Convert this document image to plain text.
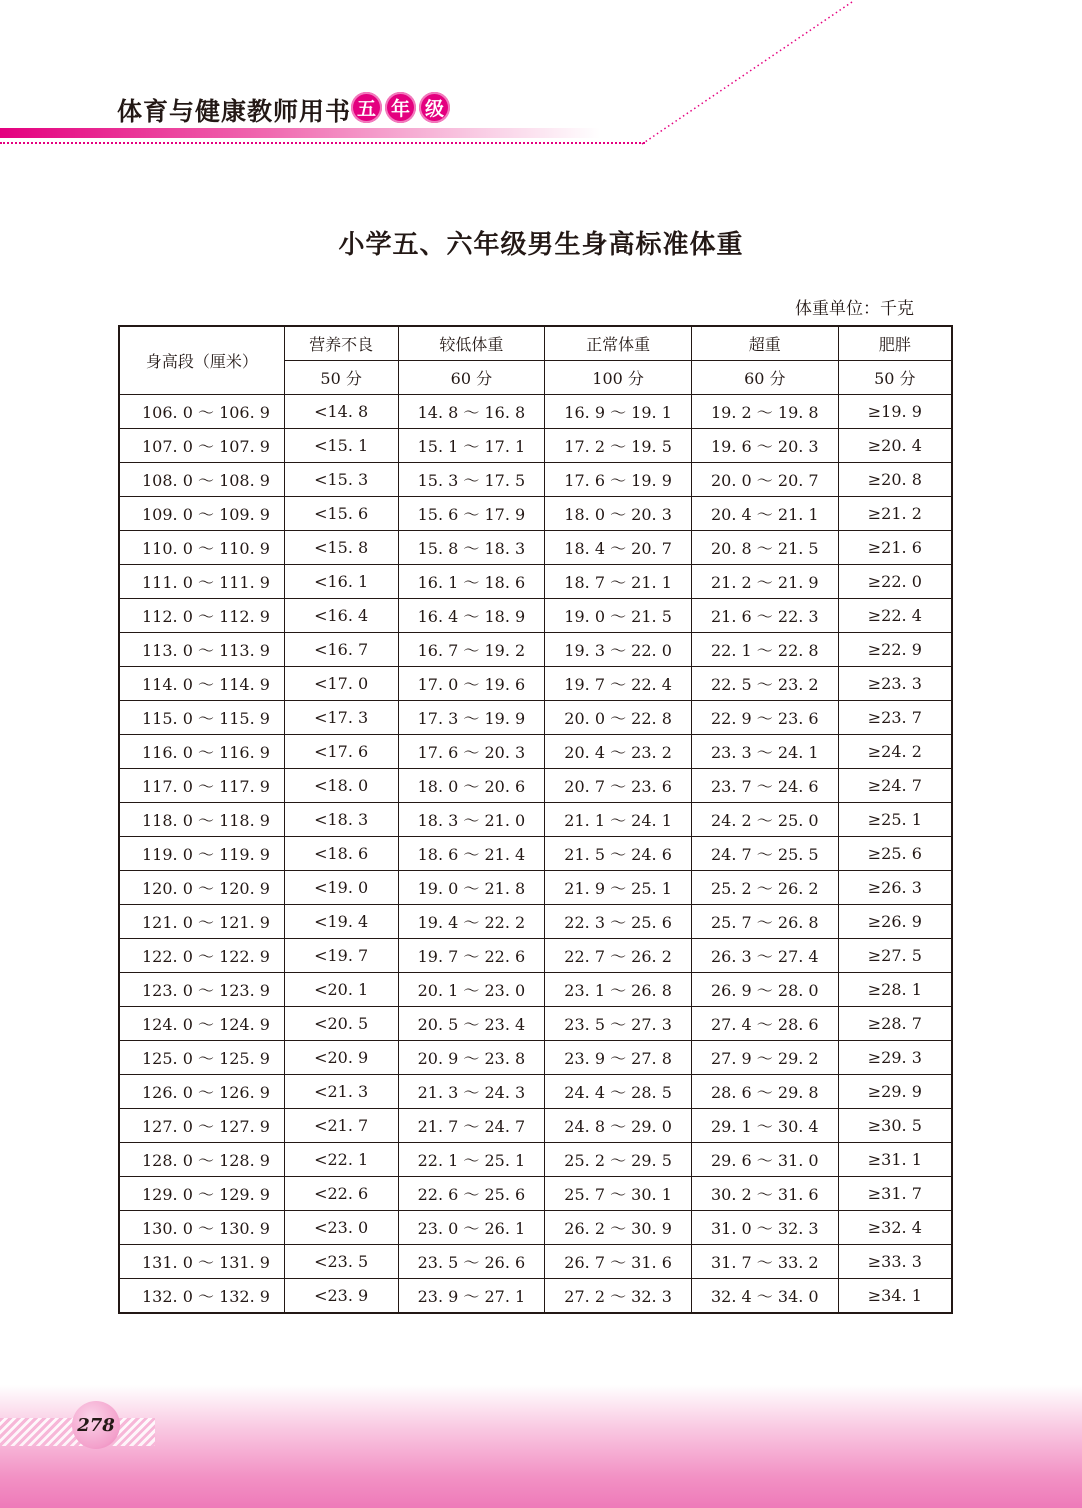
体育与健康教师用书 五 年 级
小学五、六年级男生身高标准体重
体重单位：千克
身高段（厘米）	营养不良	较低体重	正常体重	超重	肥胖
	50 分	60 分	100 分	60 分	50 分
106. 0 ～ 106. 9	<14. 8	14. 8 ～ 16. 8	16. 9 ～ 19. 1	19. 2 ～ 19. 8	≥19. 9
107. 0 ～ 107. 9	<15. 1	15. 1 ～ 17. 1	17. 2 ～ 19. 5	19. 6 ～ 20. 3	≥20. 4
108. 0 ～ 108. 9	<15. 3	15. 3 ～ 17. 5	17. 6 ～ 19. 9	20. 0 ～ 20. 7	≥20. 8
109. 0 ～ 109. 9	<15. 6	15. 6 ～ 17. 9	18. 0 ～ 20. 3	20. 4 ～ 21. 1	≥21. 2
110. 0 ～ 110. 9	<15. 8	15. 8 ～ 18. 3	18. 4 ～ 20. 7	20. 8 ～ 21. 5	≥21. 6
111. 0 ～ 111. 9	<16. 1	16. 1 ～ 18. 6	18. 7 ～ 21. 1	21. 2 ～ 21. 9	≥22. 0
112. 0 ～ 112. 9	<16. 4	16. 4 ～ 18. 9	19. 0 ～ 21. 5	21. 6 ～ 22. 3	≥22. 4
113. 0 ～ 113. 9	<16. 7	16. 7 ～ 19. 2	19. 3 ～ 22. 0	22. 1 ～ 22. 8	≥22. 9
114. 0 ～ 114. 9	<17. 0	17. 0 ～ 19. 6	19. 7 ～ 22. 4	22. 5 ～ 23. 2	≥23. 3
115. 0 ～ 115. 9	<17. 3	17. 3 ～ 19. 9	20. 0 ～ 22. 8	22. 9 ～ 23. 6	≥23. 7
116. 0 ～ 116. 9	<17. 6	17. 6 ～ 20. 3	20. 4 ～ 23. 2	23. 3 ～ 24. 1	≥24. 2
117. 0 ～ 117. 9	<18. 0	18. 0 ～ 20. 6	20. 7 ～ 23. 6	23. 7 ～ 24. 6	≥24. 7
118. 0 ～ 118. 9	<18. 3	18. 3 ～ 21. 0	21. 1 ～ 24. 1	24. 2 ～ 25. 0	≥25. 1
119. 0 ～ 119. 9	<18. 6	18. 6 ～ 21. 4	21. 5 ～ 24. 6	24. 7 ～ 25. 5	≥25. 6
120. 0 ～ 120. 9	<19. 0	19. 0 ～ 21. 8	21. 9 ～ 25. 1	25. 2 ～ 26. 2	≥26. 3
121. 0 ～ 121. 9	<19. 4	19. 4 ～ 22. 2	22. 3 ～ 25. 6	25. 7 ～ 26. 8	≥26. 9
122. 0 ～ 122. 9	<19. 7	19. 7 ～ 22. 6	22. 7 ～ 26. 2	26. 3 ～ 27. 4	≥27. 5
123. 0 ～ 123. 9	<20. 1	20. 1 ～ 23. 0	23. 1 ～ 26. 8	26. 9 ～ 28. 0	≥28. 1
124. 0 ～ 124. 9	<20. 5	20. 5 ～ 23. 4	23. 5 ～ 27. 3	27. 4 ～ 28. 6	≥28. 7
125. 0 ～ 125. 9	<20. 9	20. 9 ～ 23. 8	23. 9 ～ 27. 8	27. 9 ～ 29. 2	≥29. 3
126. 0 ～ 126. 9	<21. 3	21. 3 ～ 24. 3	24. 4 ～ 28. 5	28. 6 ～ 29. 8	≥29. 9
127. 0 ～ 127. 9	<21. 7	21. 7 ～ 24. 7	24. 8 ～ 29. 0	29. 1 ～ 30. 4	≥30. 5
128. 0 ～ 128. 9	<22. 1	22. 1 ～ 25. 1	25. 2 ～ 29. 5	29. 6 ～ 31. 0	≥31. 1
129. 0 ～ 129. 9	<22. 6	22. 6 ～ 25. 6	25. 7 ～ 30. 1	30. 2 ～ 31. 6	≥31. 7
130. 0 ～ 130. 9	<23. 0	23. 0 ～ 26. 1	26. 2 ～ 30. 9	31. 0 ～ 32. 3	≥32. 4
131. 0 ～ 131. 9	<23. 5	23. 5 ～ 26. 6	26. 7 ～ 31. 6	31. 7 ～ 33. 2	≥33. 3
132. 0 ～ 132. 9	<23. 9	23. 9 ～ 27. 1	27. 2 ～ 32. 3	32. 4 ～ 34. 0	≥34. 1
278
